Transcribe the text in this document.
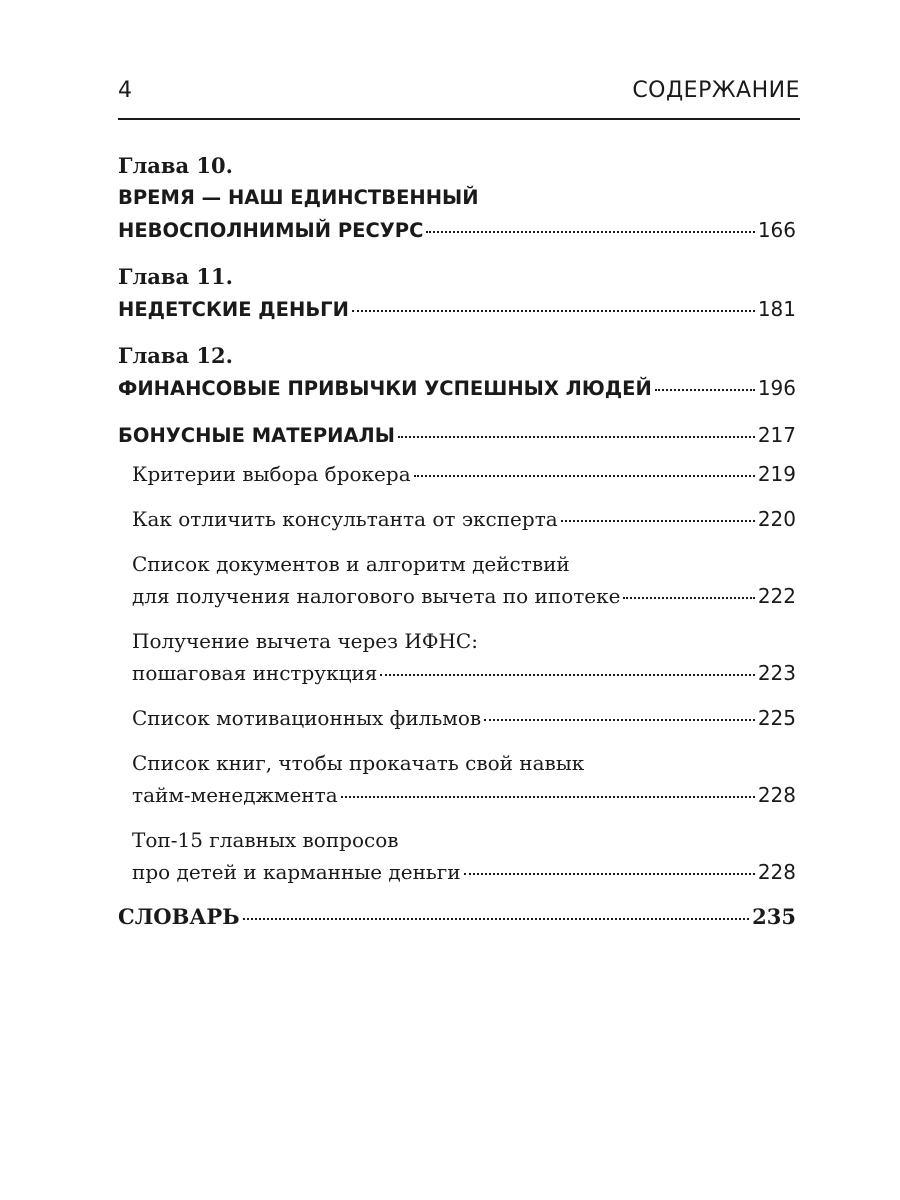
4	СОДЕРЖАНИЕ
Глава 10.
ВРЕМЯ — НАШ ЕДИНСТВЕННЫЙ
НЕВОСПОЛНИМЫЙ РЕСУРС	166
Глава 11.
НЕДЕТСКИЕ ДЕНЬГИ	181
Глава 12.
ФИНАНСОВЫЕ ПРИВЫЧКИ УСПЕШНЫХ ЛЮДЕЙ	196
БОНУСНЫЕ МАТЕРИАЛЫ	217
Критерии выбора брокера	219
Как отличить консультанта от эксперта	220
Список документов и алгоритм действий
для получения налогового вычета по ипотеке	222
Получение вычета через ИФНС:
пошаговая инструкция	223
Список мотивационных фильмов	225
Список книг, чтобы прокачать свой навык
тайм-менеджмента	228
Топ-15 главных вопросов
про детей и карманные деньги	228
СЛОВАРЬ	235
